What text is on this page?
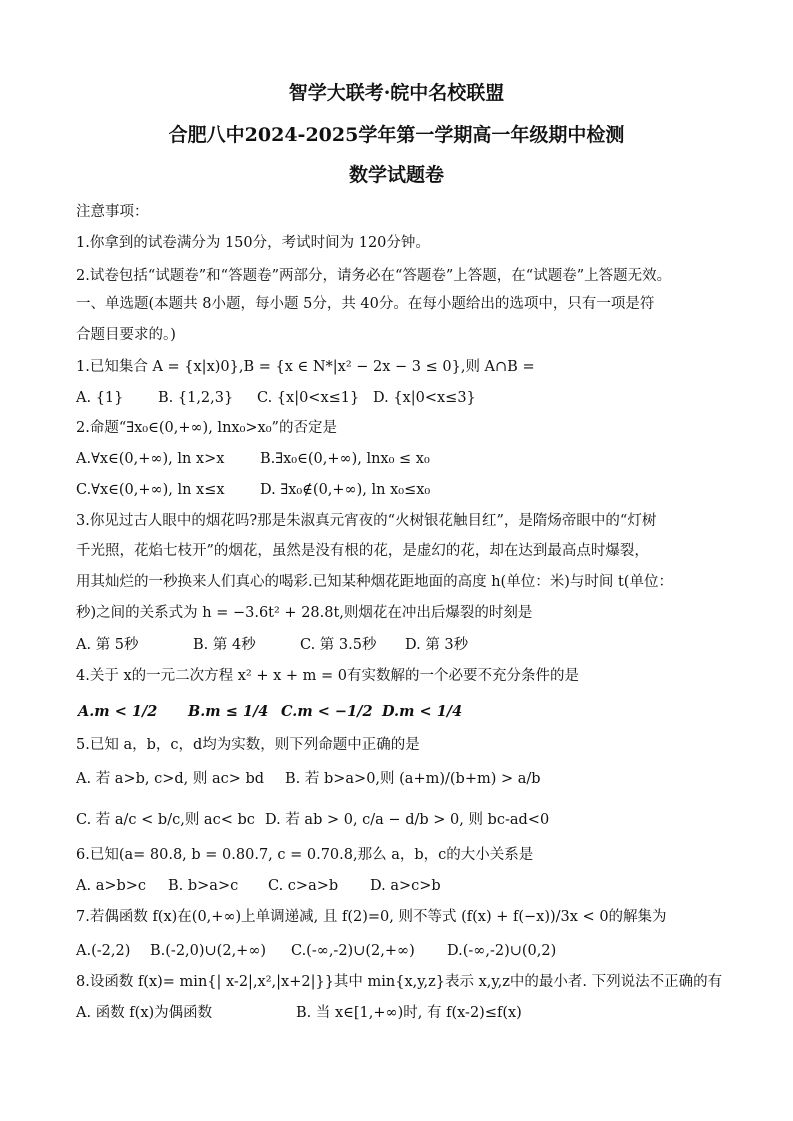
智学大联考·皖中名校联盟
合肥八中2024-2025学年第一学期高一年级期中检测
数学试题卷
注意事项：
1.你拿到的试卷满分为 150分，考试时间为 120分钟。
2.试卷包括“试题卷”和“答题卷”两部分，请务必在“答题卷”上答题，在“试题卷”上答题无效。
一、单选题(本题共 8小题，每小题 5分，共 40分。在每小题给出的选项中，只有一项是符
合题目要求的。)
1.已知集合 A = {x|x)0},B = {x ∈ N*|x² − 2x − 3 ≤ 0},则 A∩B =
A. {1} B. {1,2,3} C. {x|0<x≤1} D. {x|0<x≤3}
2.命题“∃x₀∈(0,+∞), lnx₀>x₀”的否定是
A.∀x∈(0,+∞), ln x>x B.∃x₀∈(0,+∞), lnx₀ ≤ x₀
C.∀x∈(0,+∞), ln x≤x D. ∃x₀∉(0,+∞), ln x₀≤x₀
3.你见过古人眼中的烟花吗?那是朱淑真元宵夜的“火树银花触目红”，是隋炀帝眼中的“灯树
千光照，花焰七枝开”的烟花，虽然是没有根的花，是虚幻的花，却在达到最高点时爆裂，
用其灿烂的一秒换来人们真心的喝彩.已知某种烟花距地面的高度 h(单位：米)与时间 t(单位：
秒)之间的关系式为 h = −3.6t² + 28.8t,则烟花在冲出后爆裂的时刻是
A. 第 5秒	B. 第 4秒	C. 第 3.5秒 D. 第 3秒
4.关于 x的一元二次方程 x² + x + m = 0有实数解的一个必要不充分条件的是
A.m < 1/2 B.m ≤ 1/4 C.m < −1/2 D.m < 1/4
5.已知 a，b，c，d均为实数，则下列命题中正确的是
A. 若 a>b, c>d, 则 ac> bd B. 若 b>a>0,则 (a+m)/(b+m) > a/b
C. 若 a/c < b/c,则 ac< bc D. 若 ab > 0, c/a − d/b > 0, 则 bc-ad<0
6.已知(a= 80.8, b = 0.80.7, c = 0.70.8,那么 a，b，c的大小关系是
A. a>b>c B. b>a>c C. c>a>b D. a>c>b
7.若偶函数 f(x)在(0,+∞)上单调递减, 且 f(2)=0, 则不等式 (f(x) + f(−x))/3x < 0的解集为
A.(-2,2) B.(-2,0)∪(2,+∞) C.(-∞,-2)∪(2,+∞) D.(-∞,-2)∪(0,2)
8.设函数 f(x)= min{| x-2|,x²,|x+2|}}其中 min{x,y,z}表示 x,y,z中的最小者. 下列说法不正确的有
A. 函数 f(x)为偶函数	B. 当 x∈[1,+∞)时, 有 f(x-2)≤f(x)
